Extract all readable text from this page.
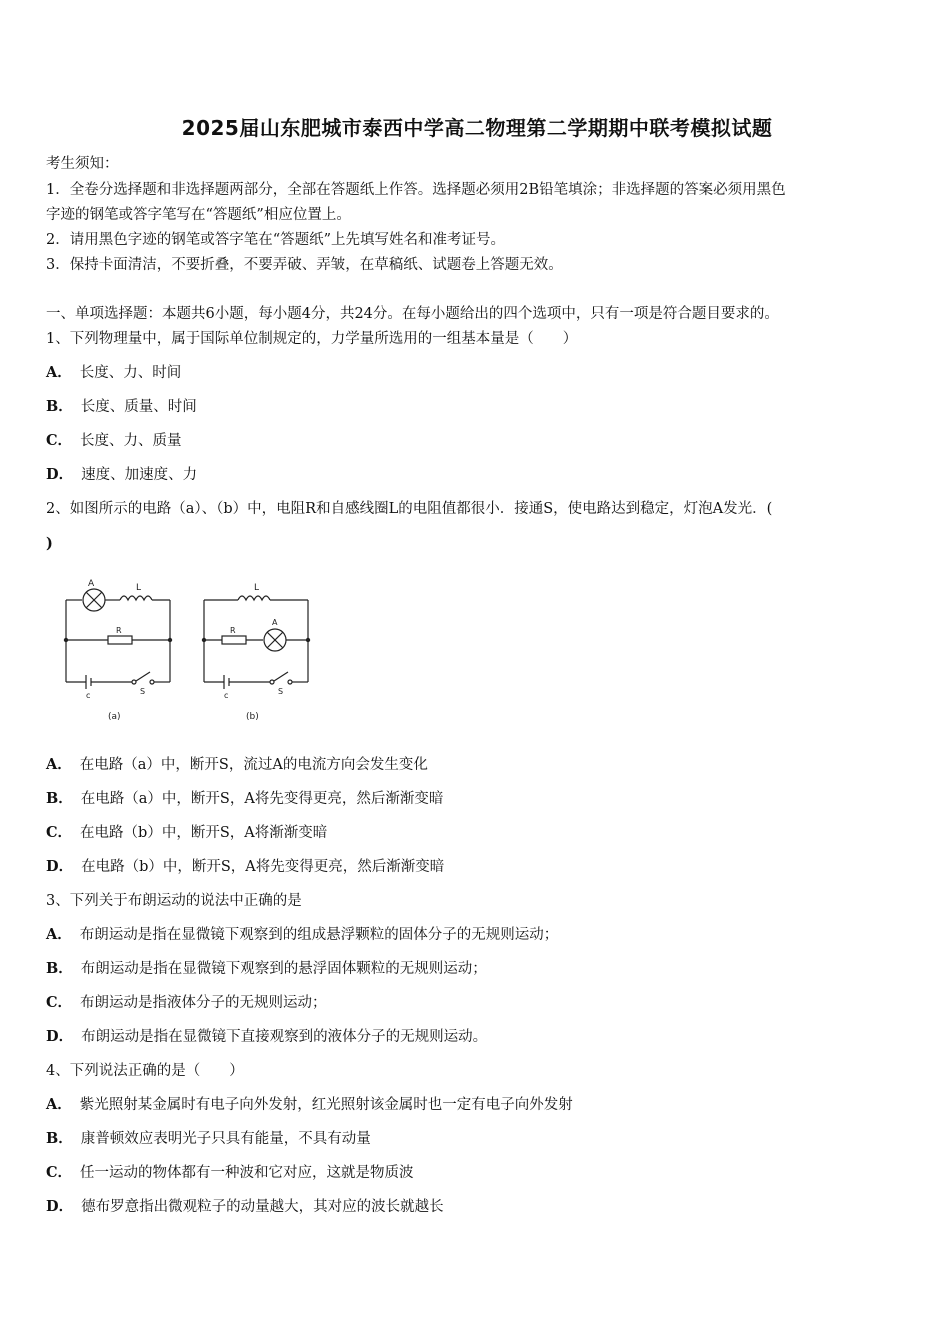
2025届山东肥城市泰西中学高二物理第二学期期中联考模拟试题
考生须知：
1．全卷分选择题和非选择题两部分，全部在答题纸上作答。选择题必须用2B铅笔填涂；非选择题的答案必须用黑色
字迹的钢笔或答字笔写在“答题纸”相应位置上。
2．请用黑色字迹的钢笔或答字笔在“答题纸”上先填写姓名和准考证号。
3．保持卡面清洁，不要折叠，不要弄破、弄皱，在草稿纸、试题卷上答题无效。
一、单项选择题：本题共6小题，每小题4分，共24分。在每小题给出的四个选项中，只有一项是符合题目要求的。
1、下列物理量中，属于国际单位制规定的，力学量所选用的一组基本量是（　　）
A． 长度、力、时间
B． 长度、质量、时间
C． 长度、力、质量
D． 速度、加速度、力
2、如图所示的电路（a）、（b）中，电阻R和自感线圈L的电阻值都很小．接通S，使电路达到稳定，灯泡A发光．(
)
A	L
R
c	S
(a)
L
R
A
c	S
(b)
A． 在电路（a）中，断开S，流过A的电流方向会发生变化
B． 在电路（a）中，断开S，A将先变得更亮，然后渐渐变暗
C． 在电路（b）中，断开S，A将渐渐变暗
D． 在电路（b）中，断开S，A将先变得更亮，然后渐渐变暗
3、下列关于布朗运动的说法中正确的是
A． 布朗运动是指在显微镜下观察到的组成悬浮颗粒的固体分子的无规则运动；
B． 布朗运动是指在显微镜下观察到的悬浮固体颗粒的无规则运动；
C． 布朗运动是指液体分子的无规则运动；
D． 布朗运动是指在显微镜下直接观察到的液体分子的无规则运动。
4、下列说法正确的是（　　）
A． 紫光照射某金属时有电子向外发射，红光照射该金属时也一定有电子向外发射
B． 康普顿效应表明光子只具有能量，不具有动量
C． 任一运动的物体都有一种波和它对应，这就是物质波
D． 德布罗意指出微观粒子的动量越大，其对应的波长就越长
